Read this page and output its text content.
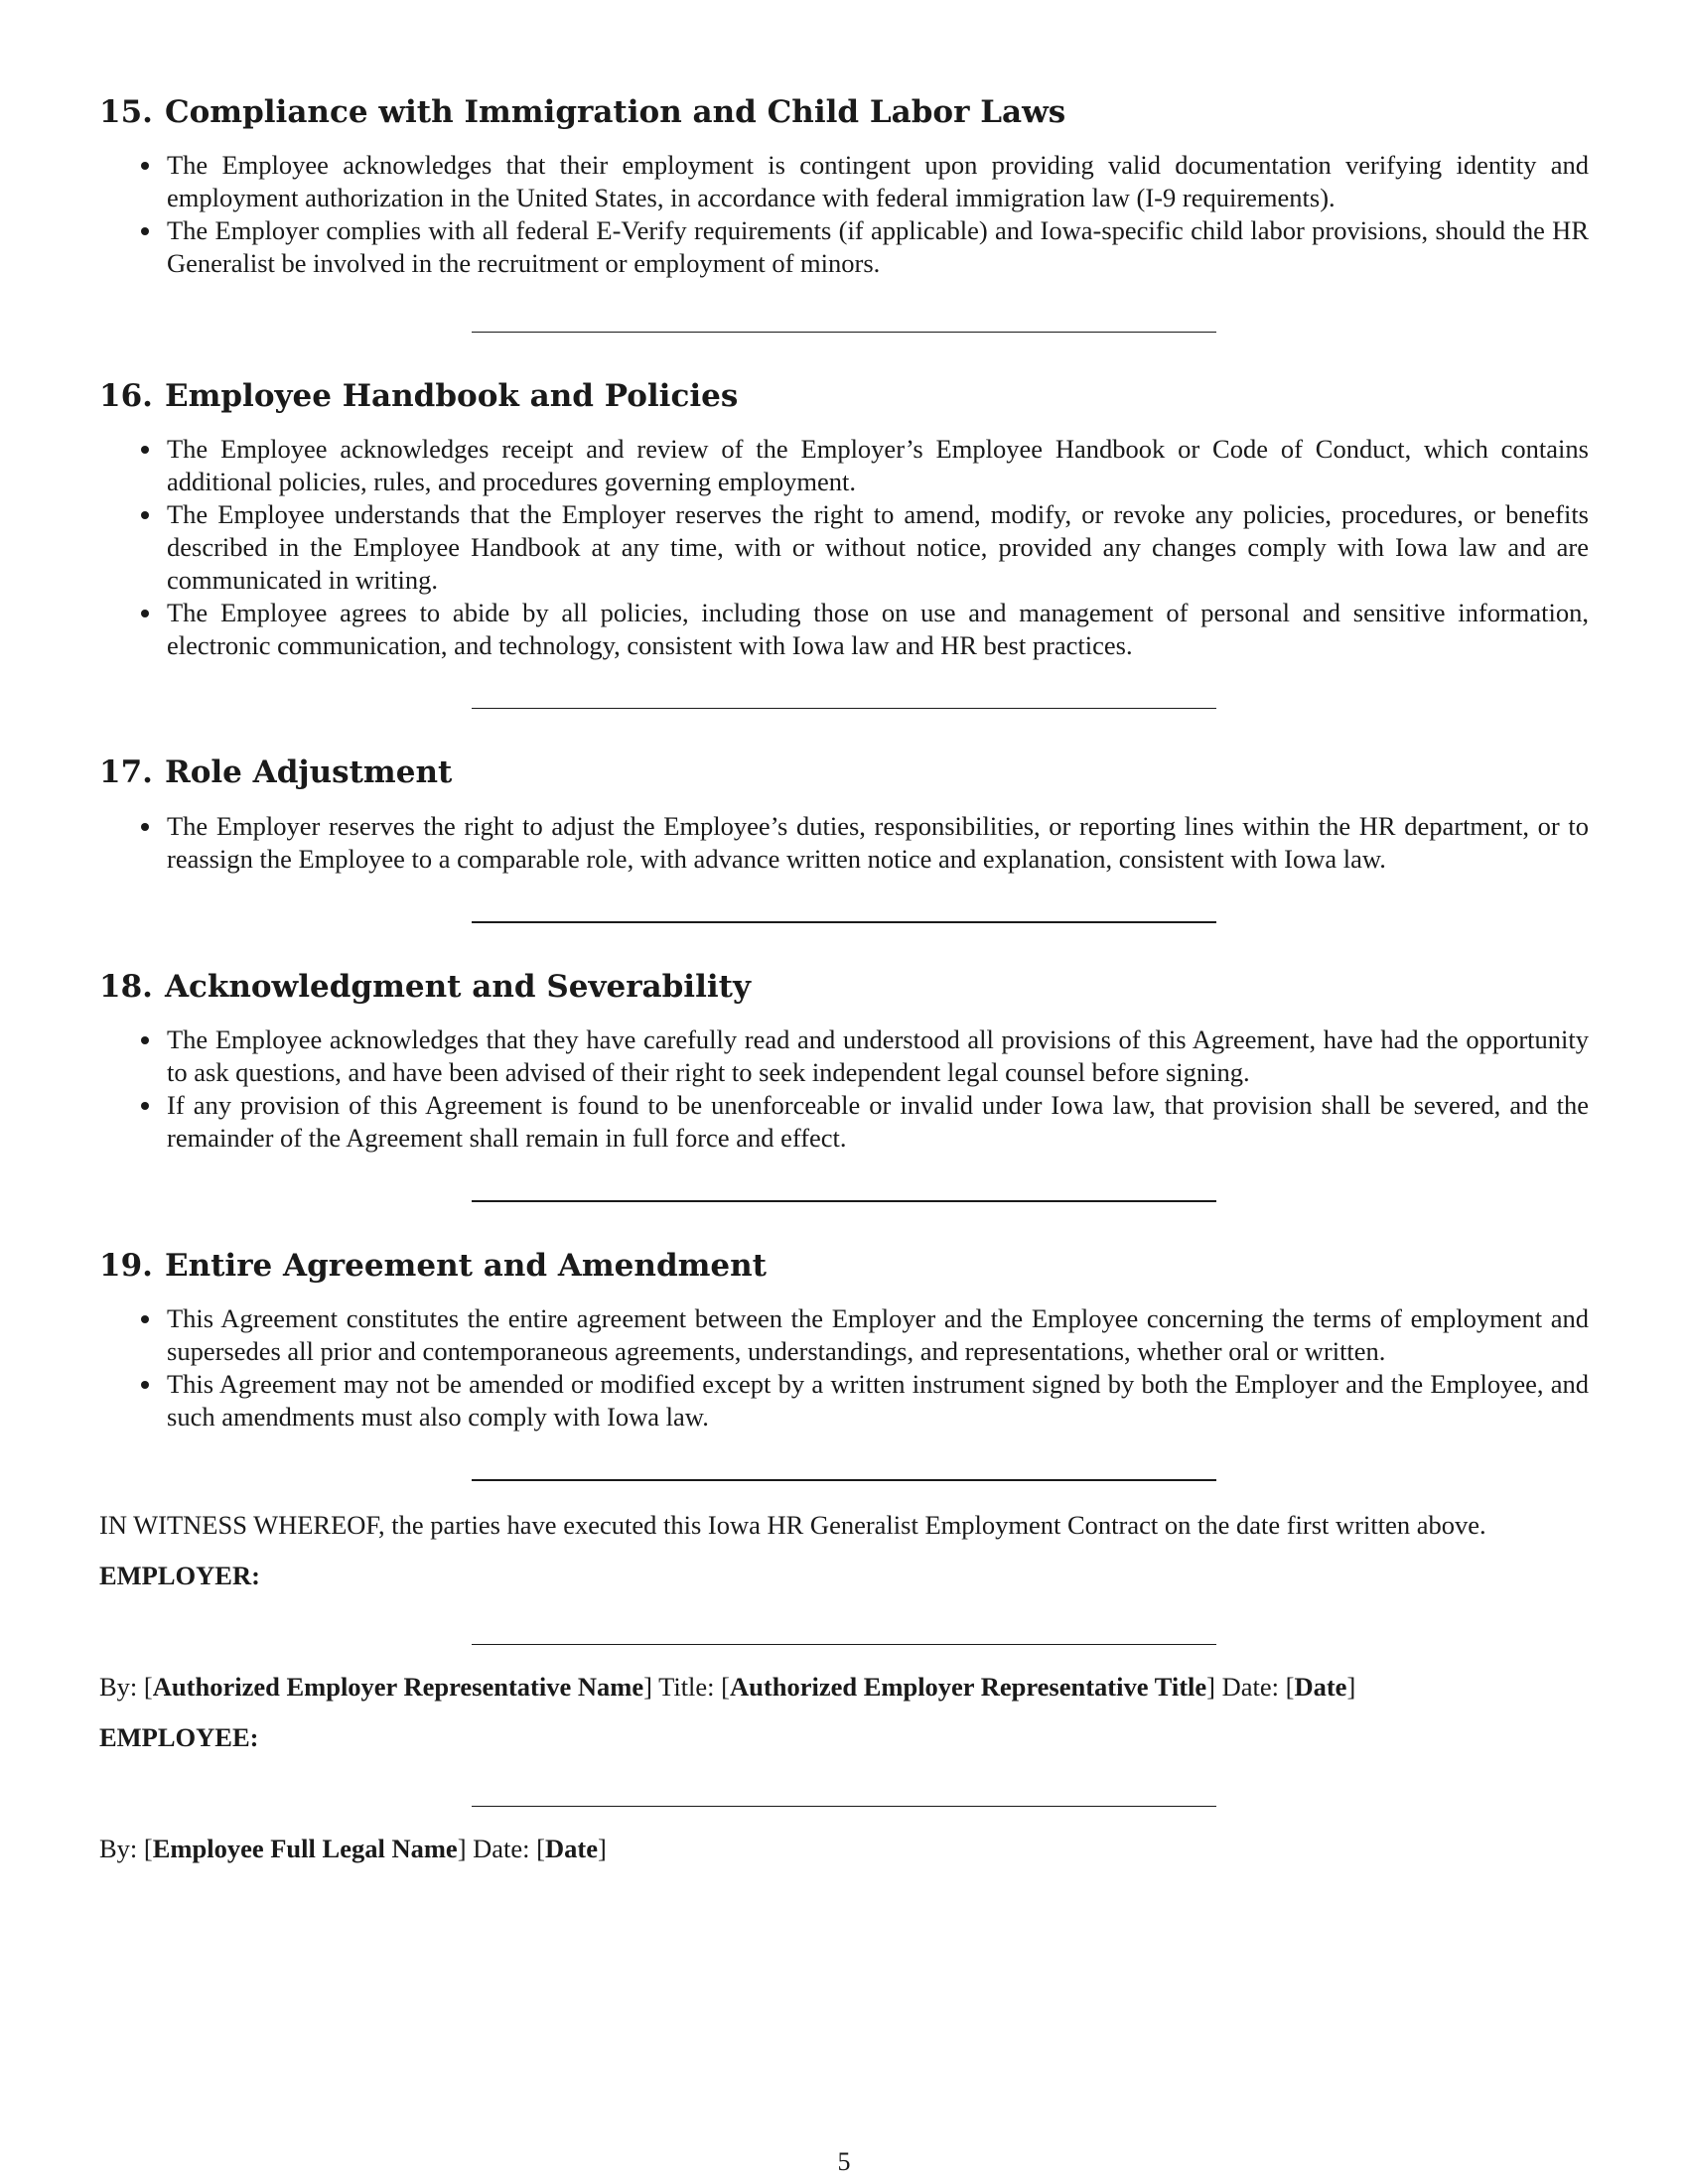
15. Compliance with Immigration and Child Labor Laws
The Employee acknowledges that their employment is contingent upon providing valid documentation verifying identity and employment authorization in the United States, in accordance with federal immigration law (I-9 requirements).
The Employer complies with all federal E-Verify requirements (if applicable) and Iowa-specific child labor provisions, should the HR Generalist be involved in the recruitment or employment of minors.
16. Employee Handbook and Policies
The Employee acknowledges receipt and review of the Employer’s Employee Handbook or Code of Conduct, which contains additional policies, rules, and procedures governing employment.
The Employee understands that the Employer reserves the right to amend, modify, or revoke any policies, procedures, or benefits described in the Employee Handbook at any time, with or without notice, provided any changes comply with Iowa law and are communicated in writing.
The Employee agrees to abide by all policies, including those on use and management of personal and sensitive information, electronic communication, and technology, consistent with Iowa law and HR best practices.
17. Role Adjustment
The Employer reserves the right to adjust the Employee’s duties, responsibilities, or reporting lines within the HR department, or to reassign the Employee to a comparable role, with advance written notice and explanation, consistent with Iowa law.
18. Acknowledgment and Severability
The Employee acknowledges that they have carefully read and understood all provisions of this Agreement, have had the opportunity to ask questions, and have been advised of their right to seek independent legal counsel before signing.
If any provision of this Agreement is found to be unenforceable or invalid under Iowa law, that provision shall be severed, and the remainder of the Agreement shall remain in full force and effect.
19. Entire Agreement and Amendment
This Agreement constitutes the entire agreement between the Employer and the Employee concerning the terms of employment and supersedes all prior and contemporaneous agreements, understandings, and representations, whether oral or written.
This Agreement may not be amended or modified except by a written instrument signed by both the Employer and the Employee, and such amendments must also comply with Iowa law.

IN WITNESS WHEREOF, the parties have executed this Iowa HR Generalist Employment Contract on the date first written above.

EMPLOYER:

By: [Authorized Employer Representative Name] Title: [Authorized Employer Representative Title] Date: [Date]

EMPLOYEE:

By: [Employee Full Legal Name] Date: [Date]

5
